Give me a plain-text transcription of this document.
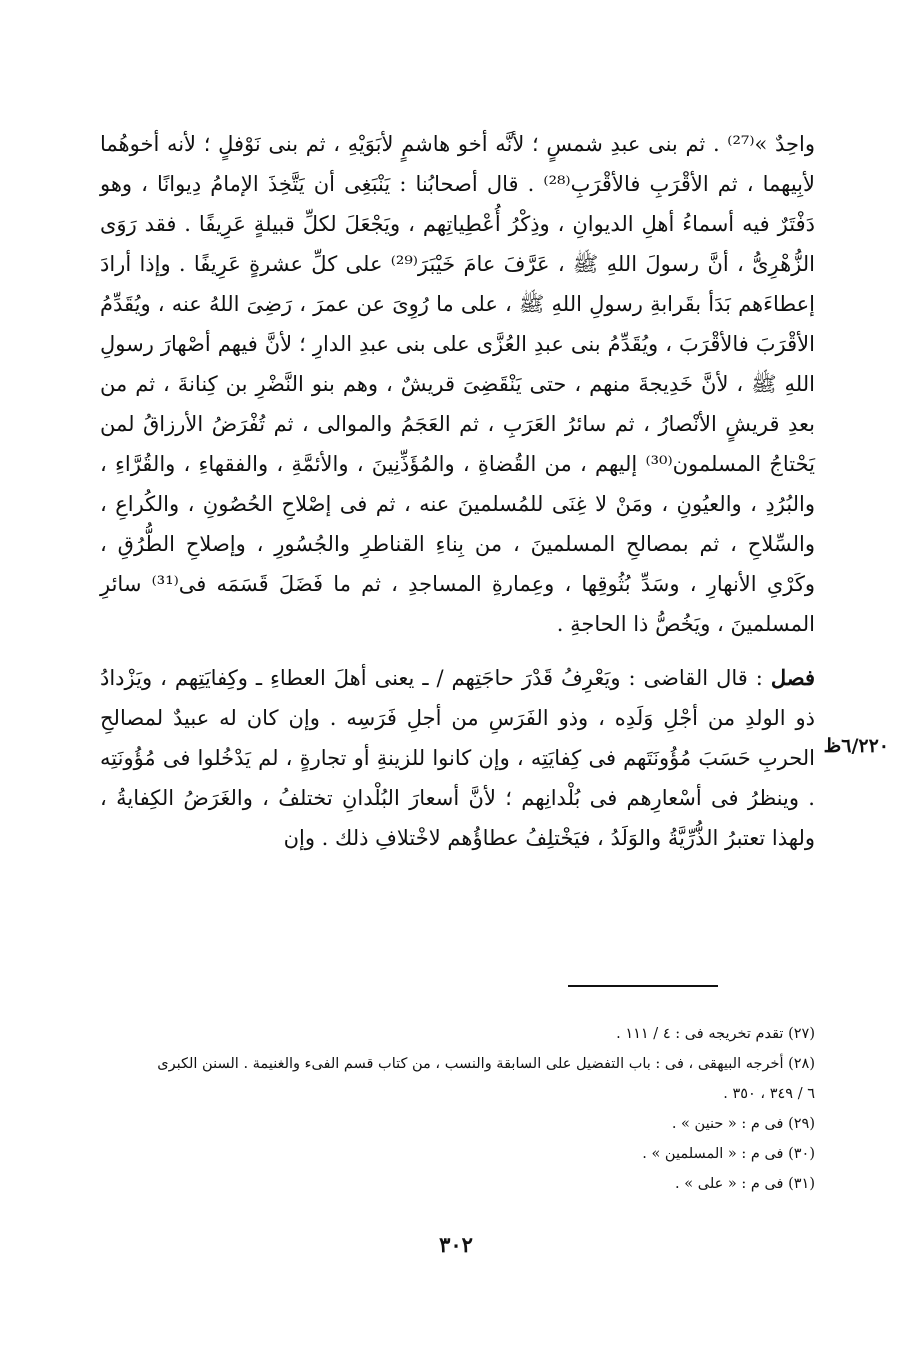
واحِدٌ »⁽²⁷⁾ . ثم بنى عبدِ شمسٍ ؛ لأنَّه أخو هاشمٍ لأبَوَيْهِ ، ثم بنى نَوْفلٍ ؛ لأنه أخوهُما لأبِيهما ، ثم الأقْرَبِ فالأقْرَبِ⁽²⁸⁾ . قال أصحابُنا : يَنْبَغِى أن يَتَّخِذَ الإمامُ دِيوانًا ، وهو دَفْتَرٌ فيه أسماءُ أهلِ الديوانِ ، وذِكْرُ أُعْطِياتِهم ، ويَجْعَلَ لكلِّ قبيلةٍ عَرِيفًا . فقد رَوَى الزُّهْرِىُّ ، أنَّ رسولَ اللهِ ﷺ ، عَرَّفَ عامَ خَيْبَرَ⁽²⁹⁾ على كلِّ عشرةٍ عَرِيفًا . وإذا أرادَ إعطاءَهم بَدَأ بقَرابةِ رسولِ اللهِ ﷺ ، على ما رُوِىَ عن عمرَ ، رَضِىَ اللهُ عنه ، ويُقَدِّمُ الأقْرَبَ فالأقْرَبَ ، ويُقَدِّمُ بنى عبدِ العُزَّى على بنى عبدِ الدارِ ؛ لأنَّ فيهم أصْهارَ رسولِ اللهِ ﷺ ، لأنَّ خَدِيجةَ منهم ، حتى يَنْقَضِىَ قريشٌ ، وهم بنو النَّضْرِ بن كِنانةَ ، ثم من بعدِ قريشٍ الأنْصارُ ، ثم سائرُ العَرَبِ ، ثم العَجَمُ والموالى ، ثم تُفْرَضُ الأرزاقُ لمن يَحْتاجُ المسلمون⁽³⁰⁾ إليهم ، من القُضاةِ ، والمُؤَذِّنِينَ ، والأئمَّةِ ، والفقهاءِ ، والقُرَّاءِ ، والبُرُدِ ، والعيُونِ ، ومَنْ لا غِنَى للمُسلمينَ عنه ، ثم فى إصْلاحِ الحُصُونِ ، والكُراعِ ، والسِّلاحِ ، ثم بمصالحِ المسلمينَ ، من بِناءِ القناطرِ والجُسُورِ ، وإصلاحِ الطُّرُقِ ، وكَرْىِ الأنهارِ ، وسَدِّ بُثُوقِها ، وعِمارةِ المساجدِ ، ثم ما فَضَلَ قَسَمَه فى⁽³¹⁾ سائرِ المسلمينَ ، ويَخُصُّ ذا الحاجةِ .

فصل : قال القاضى : ويَعْرِفُ قَدْرَ حاجَتِهم / ـ يعنى أهلَ العطاءِ ـ وكِفايَتِهم ، ويَزْدادُ ذو الولدِ من أجْلِ وَلَدِه ، وذو الفَرَسِ من أجلِ فَرَسِه . وإن كان له عبيدٌ لمصالحِ الحربِ حَسَبَ مُؤُونَتَهم فى كِفايَتِه ، وإن كانوا للزينةِ أو تجارةٍ ، لم يَدْخُلوا فى مُؤُونَتِه . وينظرُ فى أسْعارِهم فى بُلْدانِهم ؛ لأنَّ أسعارَ البُلْدانِ تختلفُ ، والغَرَضُ الكِفايةُ ، ولهذا تعتبرُ الذُّرِّيَّةُ والوَلَدُ ، فيَخْتلِفُ عطاؤُهم لاخْتلافِ ذلك . وإن

٦/٢٢٠ظ
(٢٧) تقدم تخريجه فى : ٤ / ١١١ .
(٢٨) أخرجه البيهقى ، فى : باب التفضيل على السابقة والنسب ، من كتاب قسم الفىء والغنيمة . السنن الكبرى
٦ / ٣٤٩ ، ٣٥٠ .
(٢٩) فى م : « حنين » .
(٣٠) فى م : « المسلمين » .
(٣١) فى م : « على » .
٣٠٢
